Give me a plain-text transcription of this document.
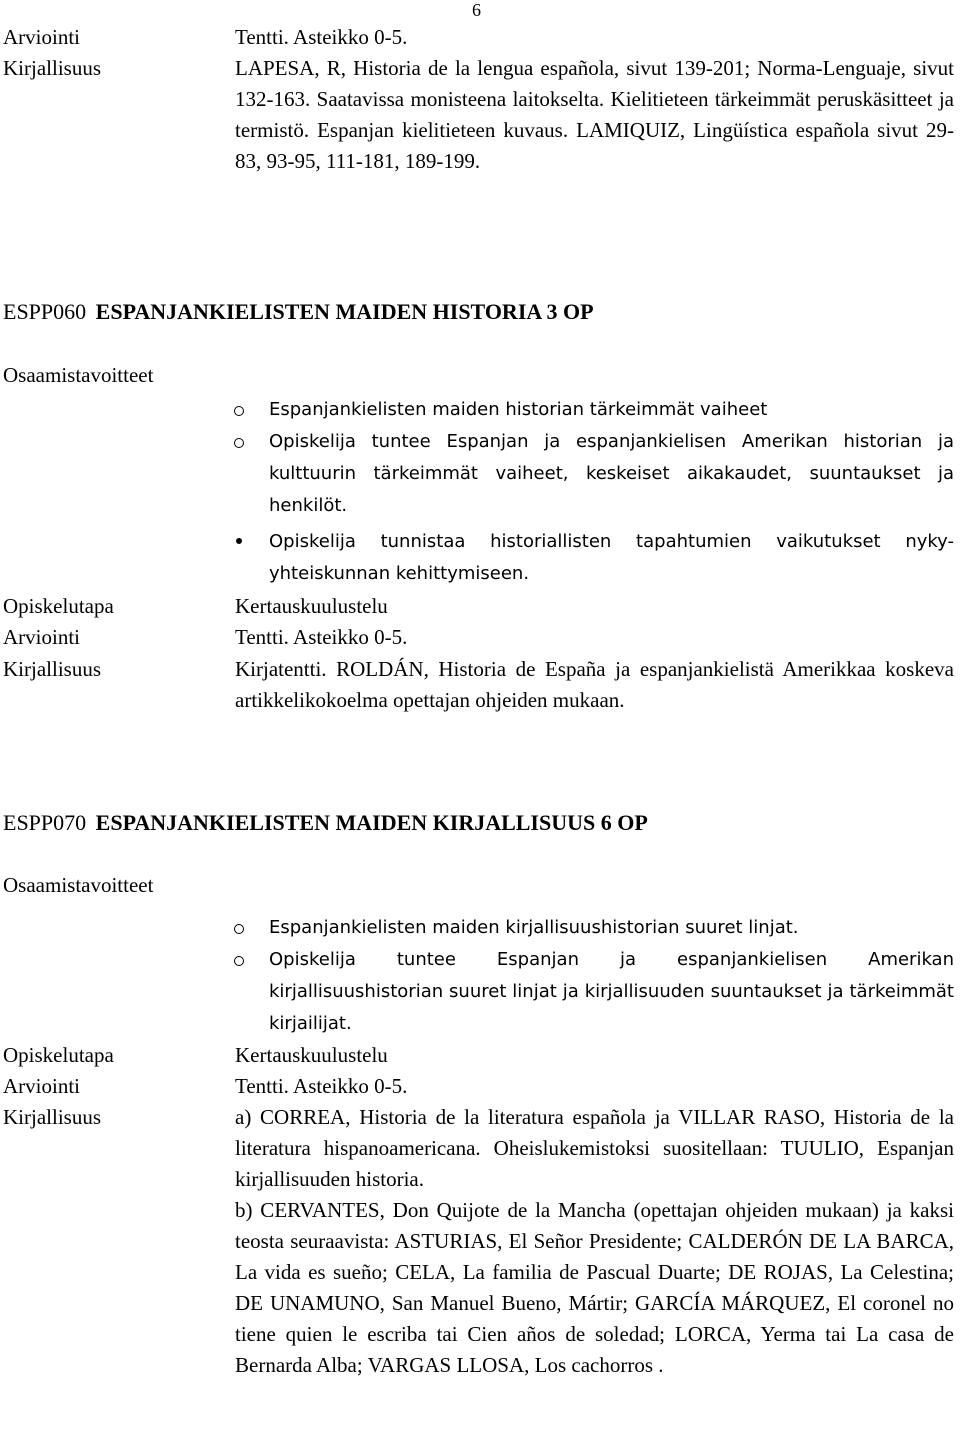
6
Arviointi	Tentti. Asteikko 0-5.
Kirjallisuus	LAPESA, R, Historia de la lengua española, sivut 139-201; Norma-Lenguaje, sivut 132-163. Saatavissa monisteena laitokselta. Kielitieteen tärkeimmät peruskäsitteet ja termistö. Espanjan kielitieteen kuvaus. LAMIQUIZ, Lingüística española sivut 29-83, 93-95, 111-181, 189-199.
ESPP060 ESPANJANKIELISTEN MAIDEN HISTORIA 3 OP
Osaamistavoitteet
Espanjankielisten maiden historian tärkeimmät vaiheet
Opiskelija tuntee Espanjan ja espanjankielisen Amerikan historian ja kulttuurin tärkeimmät vaiheet, keskeiset aikakaudet, suuntaukset ja henkilöt.
Opiskelija tunnistaa historiallisten tapahtumien vaikutukset nyky-yhteiskunnan kehittymiseen.
Opiskelutapa	Kertauskuulustelu
Arviointi	Tentti. Asteikko 0-5.
Kirjallisuus	Kirjatentti. ROLDÁN, Historia de España ja espanjankielistä Amerikkaa koskeva artikkelikokoelma opettajan ohjeiden mukaan.
ESPP070 ESPANJANKIELISTEN MAIDEN KIRJALLISUUS 6 OP
Osaamistavoitteet
Espanjankielisten maiden kirjallisuushistorian suuret linjat.
Opiskelija tuntee Espanjan ja espanjankielisen Amerikan kirjallisuushistorian suuret linjat ja kirjallisuuden suuntaukset ja tärkeimmät kirjailijat.
Opiskelutapa	Kertauskuulustelu
Arviointi	Tentti. Asteikko 0-5.
Kirjallisuus	a) CORREA, Historia de la literatura española ja VILLAR RASO, Historia de la literatura hispanoamericana. Oheislukemistoksi suositellaan: TUULIO, Espanjan kirjallisuuden historia.
b) CERVANTES, Don Quijote de la Mancha (opettajan ohjeiden mukaan) ja kaksi teosta seuraavista: ASTURIAS, El Señor Presidente; CALDERÓN DE LA BARCA, La vida es sueño; CELA, La familia de Pascual Duarte; DE ROJAS, La Celestina; DE UNAMUNO, San Manuel Bueno, Mártir; GARCÍA MÁRQUEZ, El coronel no tiene quien le escriba tai Cien años de soledad; LORCA, Yerma tai La casa de Bernarda Alba; VARGAS LLOSA, Los cachorros .
